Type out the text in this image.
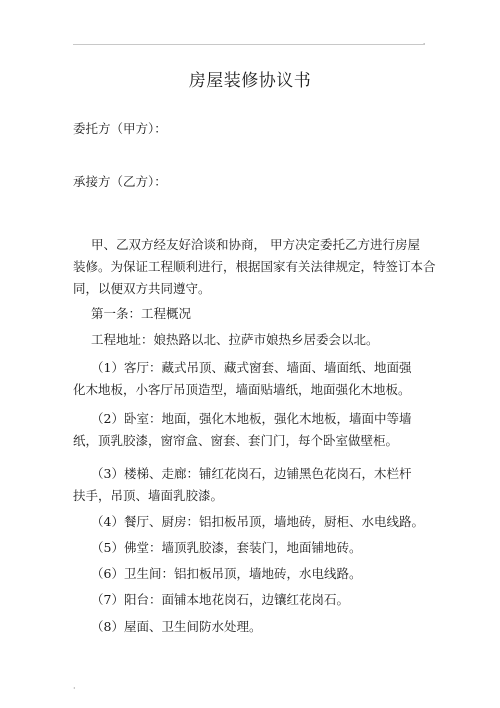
·
房屋装修协议书
委托方（甲方）：
承接方（乙方）：
甲、乙双方经友好洽谈和协商， 甲方决定委托乙方进行房屋
装修。为保证工程顺利进行，根据国家有关法律规定，特签订本合
同，以便双方共同遵守。
第一条：工程概况
工程地址：娘热路以北、拉萨市娘热乡居委会以北。
（1）客厅：藏式吊顶、藏式窗套、墙面、墙面纸、地面强
化木地板，小客厅吊顶造型，墙面贴墙纸，地面强化木地板。
（2）卧室：地面，强化木地板，强化木地板，墙面中等墙
纸，顶乳胶漆，窗帘盒、窗套、套门门，每个卧室做壁柜。
（3）楼梯、走廊：铺红花岗石，边铺黑色花岗石，木栏杆
扶手，吊顶、墙面乳胶漆。
（4）餐厅、厨房：铝扣板吊顶，墙地砖，厨柜、水电线路。
（5）佛堂：墙顶乳胶漆，套装门，地面铺地砖。
（6）卫生间：铝扣板吊顶，墙地砖，水电线路。
（7）阳台：面铺本地花岗石，边镶红花岗石。
（8）屋面、卫生间防水处理。
·
